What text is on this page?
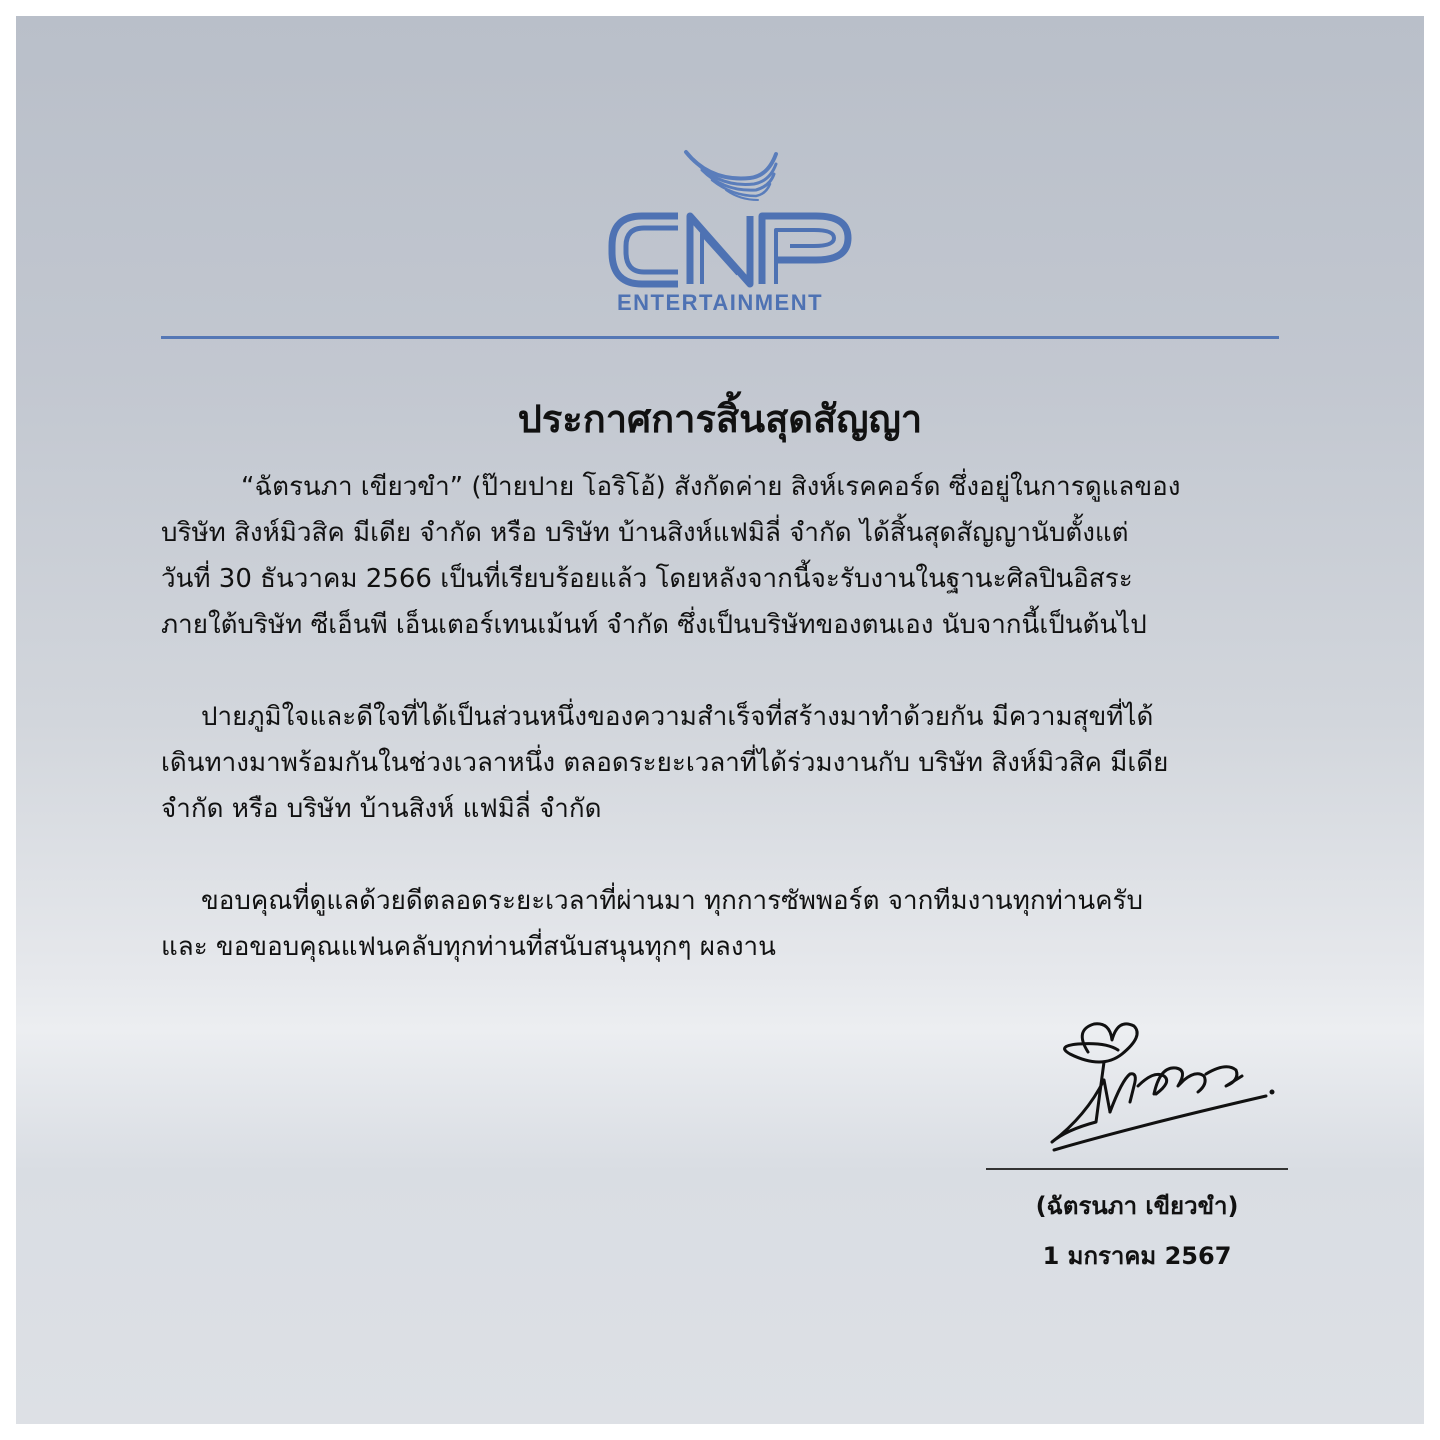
ENTERTAINMENT
ประกาศการสิ้นสุดสัญญา

“ฉัตรนภา เขียวขำ” (ป๊ายปาย โอริโอ้) สังกัดค่าย สิงห์เรคคอร์ด ซึ่งอยู่ในการดูแลของ
บริษัท สิงห์มิวสิค มีเดีย จำกัด หรือ บริษัท บ้านสิงห์แฟมิลี่ จำกัด ได้สิ้นสุดสัญญานับตั้งแต่
วันที่ 30 ธันวาคม 2566 เป็นที่เรียบร้อยแล้ว โดยหลังจากนี้จะรับงานในฐานะศิลปินอิสระ
ภายใต้บริษัท ซีเอ็นพี เอ็นเตอร์เทนเม้นท์ จำกัด ซึ่งเป็นบริษัทของตนเอง นับจากนี้เป็นต้นไป

ปายภูมิใจและดีใจที่ได้เป็นส่วนหนึ่งของความสำเร็จที่สร้างมาทำด้วยกัน มีความสุขที่ได้
เดินทางมาพร้อมกันในช่วงเวลาหนึ่ง ตลอดระยะเวลาที่ได้ร่วมงานกับ บริษัท สิงห์มิวสิค มีเดีย
จำกัด หรือ บริษัท บ้านสิงห์ แฟมิลี่ จำกัด

ขอบคุณที่ดูแลด้วยดีตลอดระยะเวลาที่ผ่านมา ทุกการซัพพอร์ต จากทีมงานทุกท่านครับ
และ ขอขอบคุณแฟนคลับทุกท่านที่สนับสนุนทุกๆ ผลงาน

(ฉัตรนภา เขียวขำ)
1 มกราคม 2567
